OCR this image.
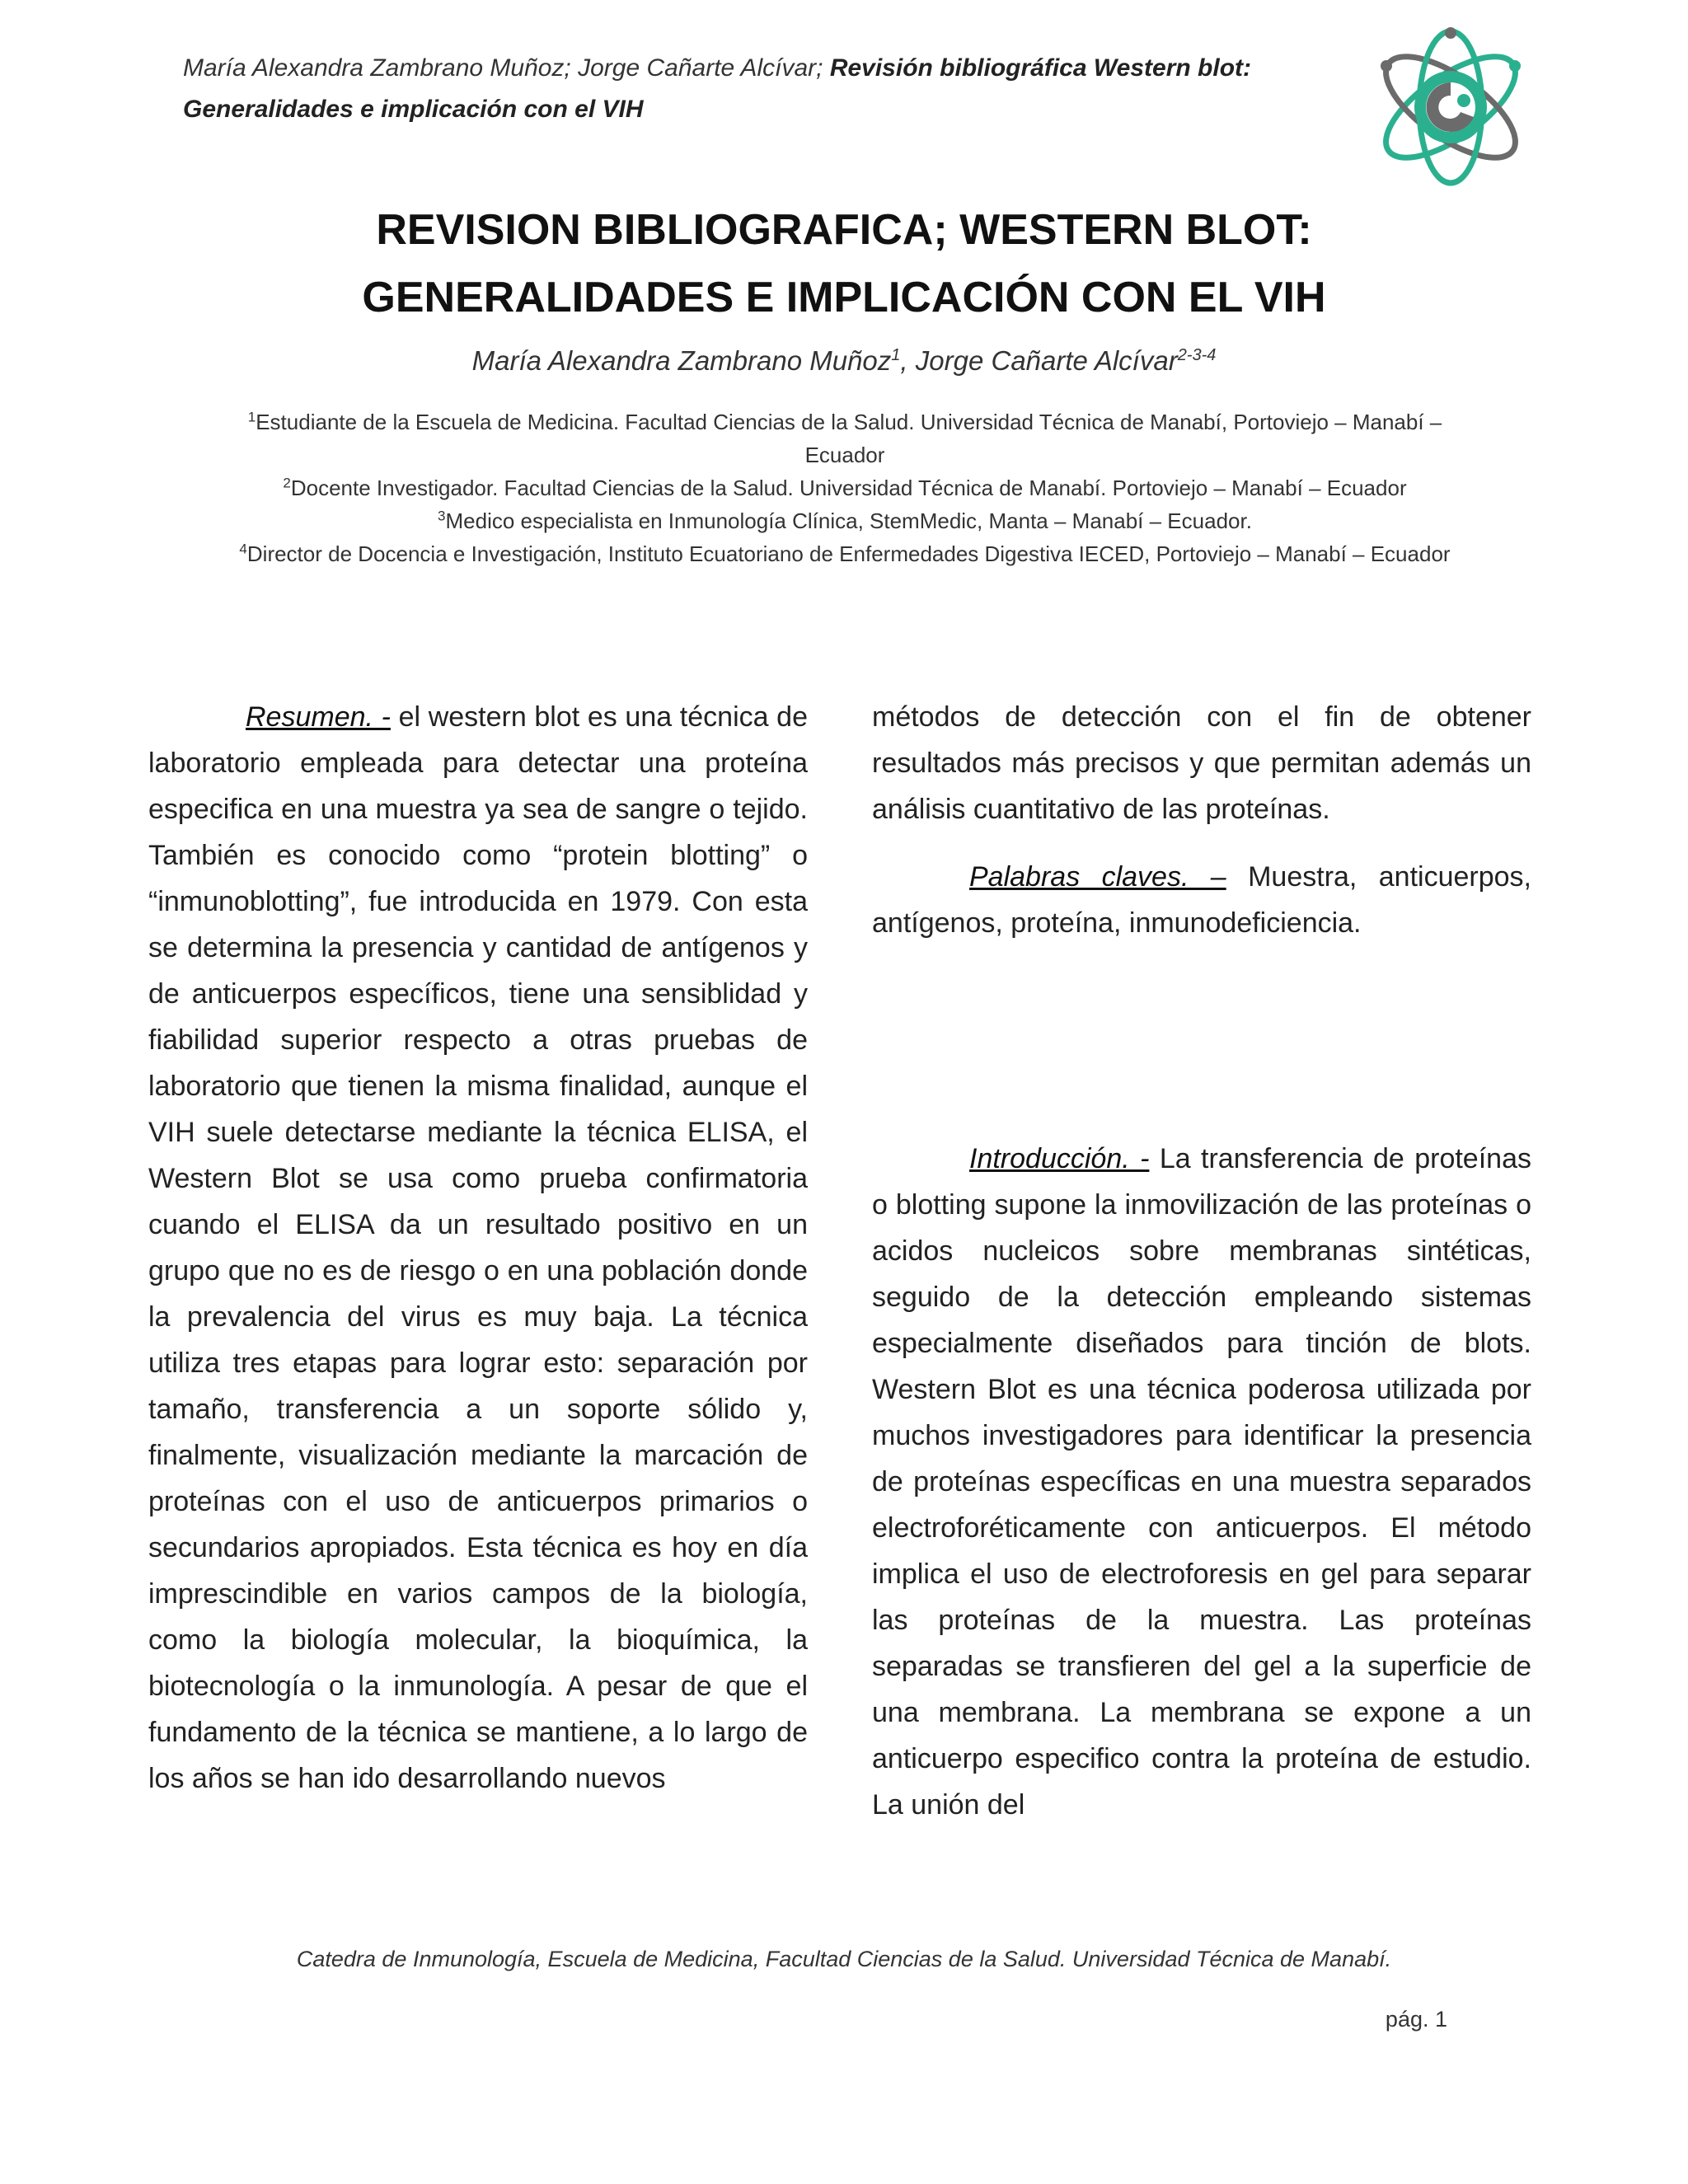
María Alexandra Zambrano Muñoz; Jorge Cañarte Alcívar; Revisión bibliográfica Western blot:
Generalidades e implicación con el VIH
REVISION BIBLIOGRAFICA; WESTERN BLOT:
GENERALIDADES E IMPLICACIÓN CON EL VIH
María Alexandra Zambrano Muñoz$^1$, Jorge Cañarte Alcívar$^{2-3-4}$

$^1$Estudiante de la Escuela de Medicina. Facultad Ciencias de la Salud. Universidad Técnica de Manabí, Portoviejo – Manabí – Ecuador

$^2$Docente Investigador. Facultad Ciencias de la Salud. Universidad Técnica de Manabí. Portoviejo – Manabí – Ecuador

$^3$Medico especialista en Inmunología Clínica, StemMedic, Manta – Manabí – Ecuador.

$^4$Director de Docencia e Investigación, Instituto Ecuatoriano de Enfermedades Digestiva IECED, Portoviejo – Manabí – Ecuador

Resumen. - el western blot es una técnica de laboratorio empleada para detectar una proteína especifica en una muestra ya sea de sangre o tejido. También es conocido como “protein blotting” o “inmunoblotting”, fue introducida en 1979. Con esta se determina la presencia y cantidad de antígenos y de anticuerpos específicos, tiene una sensiblidad y fiabilidad superior respecto a otras pruebas de laboratorio que tienen la misma finalidad, aunque el VIH suele detectarse mediante la técnica ELISA, el Western Blot se usa como prueba confirmatoria cuando el ELISA da un resultado positivo en un grupo que no es de riesgo o en una población donde la prevalencia del virus es muy baja. La técnica utiliza tres etapas para lograr esto: separación por tamaño, transferencia a un soporte sólido y, finalmente, visualización mediante la marcación de proteínas con el uso de anticuerpos primarios o secundarios apropiados. Esta técnica es hoy en día imprescindible en varios campos de la biología, como la biología molecular, la bioquímica, la biotecnología o la inmunología. A pesar de que el fundamento de la técnica se mantiene, a lo largo de los años se han ido desarrollando nuevos

métodos de detección con el fin de obtener resultados más precisos y que permitan además un análisis cuantitativo de las proteínas.

Palabras claves. – Muestra, anticuerpos, antígenos, proteína, inmunodeficiencia.

Introducción. - La transferencia de proteínas o blotting supone la inmovilización de las proteínas o acidos nucleicos sobre membranas sintéticas, seguido de la detección empleando sistemas especialmente diseñados para tinción de blots. Western Blot es una técnica poderosa utilizada por muchos investigadores para identificar la presencia de proteínas específicas en una muestra separados electroforéticamente con anticuerpos. El método implica el uso de electroforesis en gel para separar las proteínas de la muestra. Las proteínas separadas se transfieren del gel a la superficie de una membrana. La membrana se expone a un anticuerpo especifico contra la proteína de estudio. La unión del

Catedra de Inmunología, Escuela de Medicina, Facultad Ciencias de la Salud. Universidad Técnica de Manabí.
pág. 1
